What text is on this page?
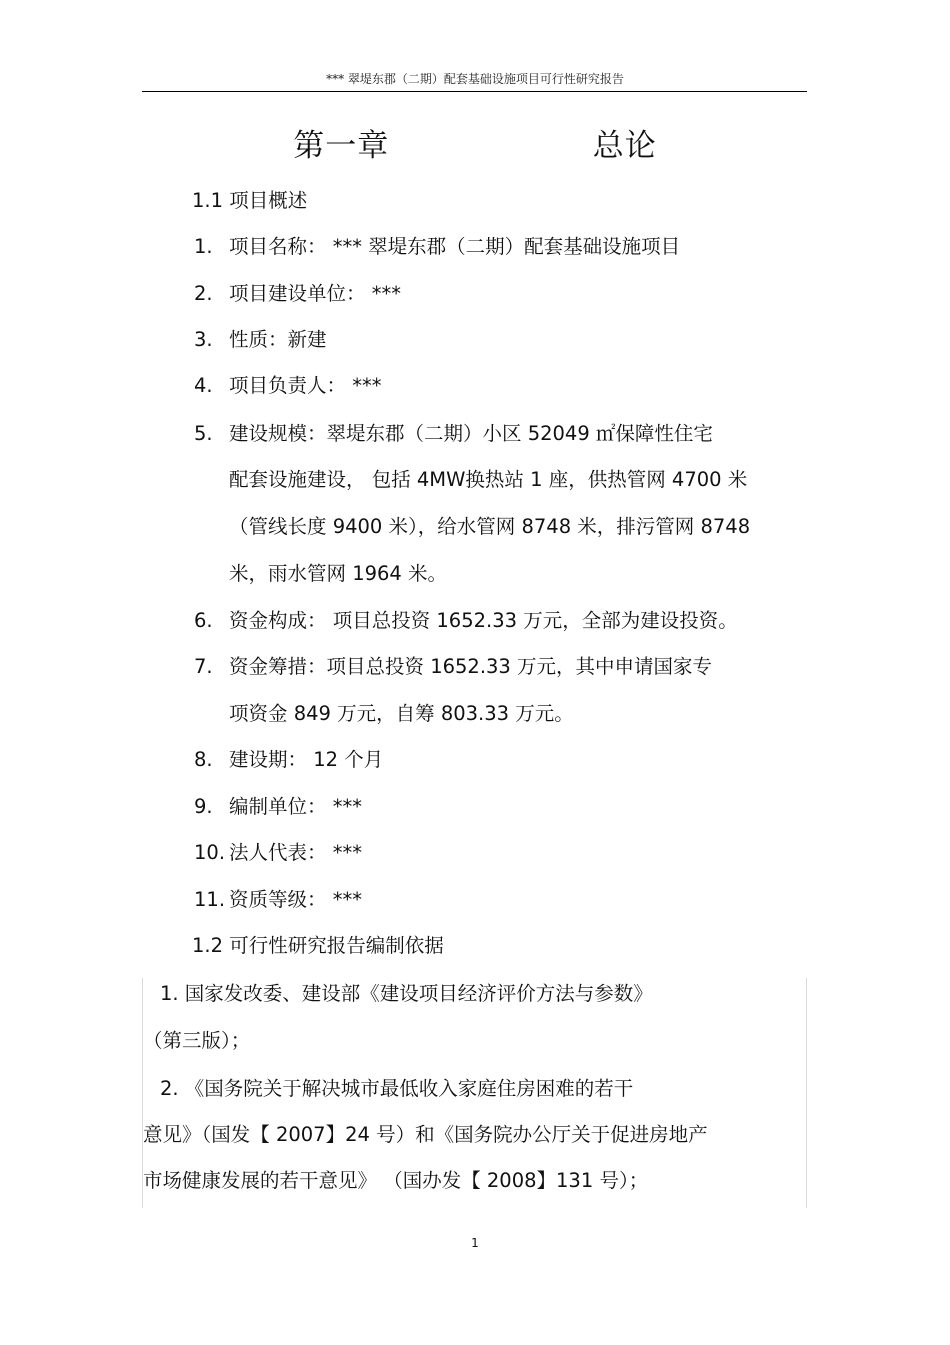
*** 翠堤东郡（二期）配套基础设施项目可行性研究报告
第一章    总论
1.1 项目概述
1. 项目名称： *** 翠堤东郡（二期）配套基础设施项目
2. 项目建设单位： ***
3. 性质：新建
4. 项目负责人： ***
5. 建设规模：翠堤东郡（二期）小区 52049 ㎡保障性住宅
配套设施建设， 包括 4MW换热站 1 座，供热管网 4700 米
（管线长度 9400 米），给水管网 8748 米，排污管网 8748
米，雨水管网 1964 米。
6. 资金构成： 项目总投资 1652.33 万元，全部为建设投资。
7. 资金筹措：项目总投资 1652.33 万元，其中申请国家专
项资金 849 万元，自筹 803.33 万元。
8. 建设期： 12 个月
9. 编制单位： ***
10. 法人代表： ***
11. 资质等级： ***
1.2 可行性研究报告编制依据
1. 国家发改委、建设部《建设项目经济评价方法与参数》
（第三版）；
2. 《国务院关于解决城市最低收入家庭住房困难的若干
意见》（国发【 2007】24 号）和《国务院办公厅关于促进房地产
市场健康发展的若干意见》 （国办发【 2008】131 号）；
1
